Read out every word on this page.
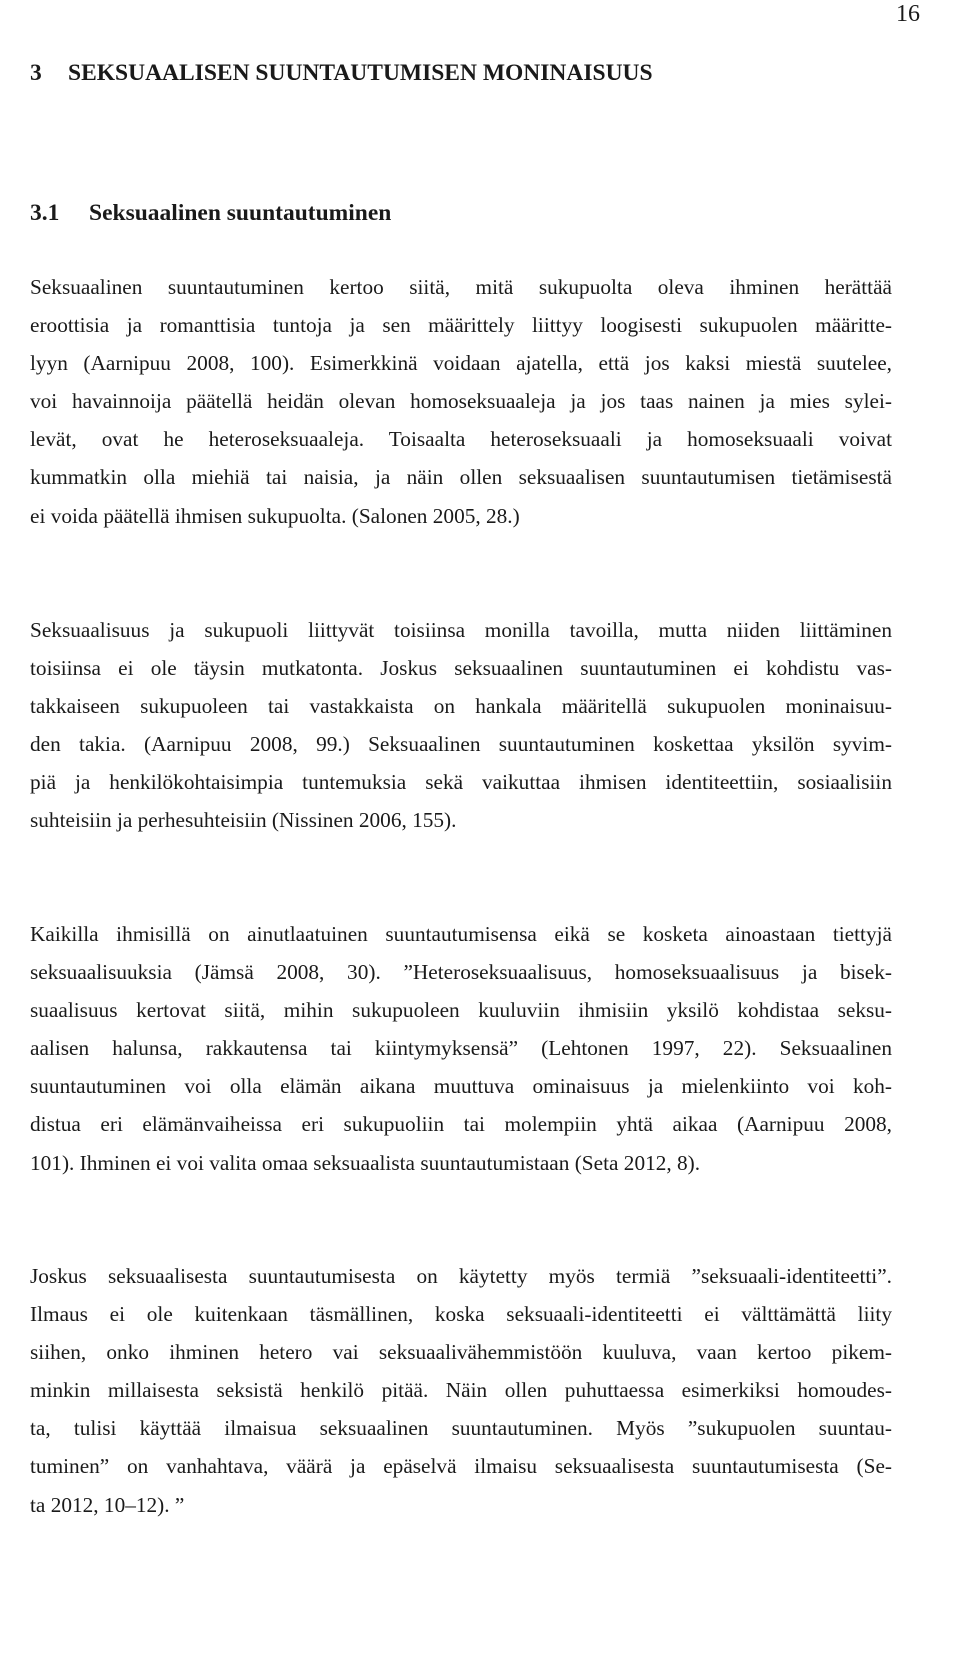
16
3 SEKSUAALISEN SUUNTAUTUMISEN MONINAISUUS
3.1 Seksuaalinen suuntautuminen
Seksuaalinen suuntautuminen kertoo siitä, mitä sukupuolta oleva ihminen herättää
eroottisia ja romanttisia tuntoja ja sen määrittely liittyy loogisesti sukupuolen määritte-
lyyn (Aarnipuu 2008, 100). Esimerkkinä voidaan ajatella, että jos kaksi miestä suutelee,
voi havainnoija päätellä heidän olevan homoseksuaaleja ja jos taas nainen ja mies sylei-
levät, ovat he heteroseksuaaleja. Toisaalta heteroseksuaali ja homoseksuaali voivat
kummatkin olla miehiä tai naisia, ja näin ollen seksuaalisen suuntautumisen tietämisestä
ei voida päätellä ihmisen sukupuolta. (Salonen 2005, 28.)
Seksuaalisuus ja sukupuoli liittyvät toisiinsa monilla tavoilla, mutta niiden liittäminen
toisiinsa ei ole täysin mutkatonta. Joskus seksuaalinen suuntautuminen ei kohdistu vas-
takkaiseen sukupuoleen tai vastakkaista on hankala määritellä sukupuolen moninaisuu-
den takia. (Aarnipuu 2008, 99.) Seksuaalinen suuntautuminen koskettaa yksilön syvim-
piä ja henkilökohtaisimpia tuntemuksia sekä vaikuttaa ihmisen identiteettiin, sosiaalisiin
suhteisiin ja perhesuhteisiin (Nissinen 2006, 155).
Kaikilla ihmisillä on ainutlaatuinen suuntautumisensa eikä se kosketa ainoastaan tiettyjä
seksuaalisuuksia (Jämsä 2008, 30). ”Heteroseksuaalisuus, homoseksuaalisuus ja bisek-
suaalisuus kertovat siitä, mihin sukupuoleen kuuluviin ihmisiin yksilö kohdistaa seksu-
aalisen halunsa, rakkautensa tai kiintymyksensä” (Lehtonen 1997, 22). Seksuaalinen
suuntautuminen voi olla elämän aikana muuttuva ominaisuus ja mielenkiinto voi koh-
distua eri elämänvaiheissa eri sukupuoliin tai molempiin yhtä aikaa (Aarnipuu 2008,
101). Ihminen ei voi valita omaa seksuaalista suuntautumistaan (Seta 2012, 8).
Joskus seksuaalisesta suuntautumisesta on käytetty myös termiä ”seksuaali-identiteetti”.
Ilmaus ei ole kuitenkaan täsmällinen, koska seksuaali-identiteetti ei välttämättä liity
siihen, onko ihminen hetero vai seksuaalivähemmistöön kuuluva, vaan kertoo pikem-
minkin millaisesta seksistä henkilö pitää. Näin ollen puhuttaessa esimerkiksi homoudes-
ta, tulisi käyttää ilmaisua seksuaalinen suuntautuminen. Myös ”sukupuolen suuntau-
tuminen” on vanhahtava, väärä ja epäselvä ilmaisu seksuaalisesta suuntautumisesta (Se-
ta 2012, 10–12). ”
